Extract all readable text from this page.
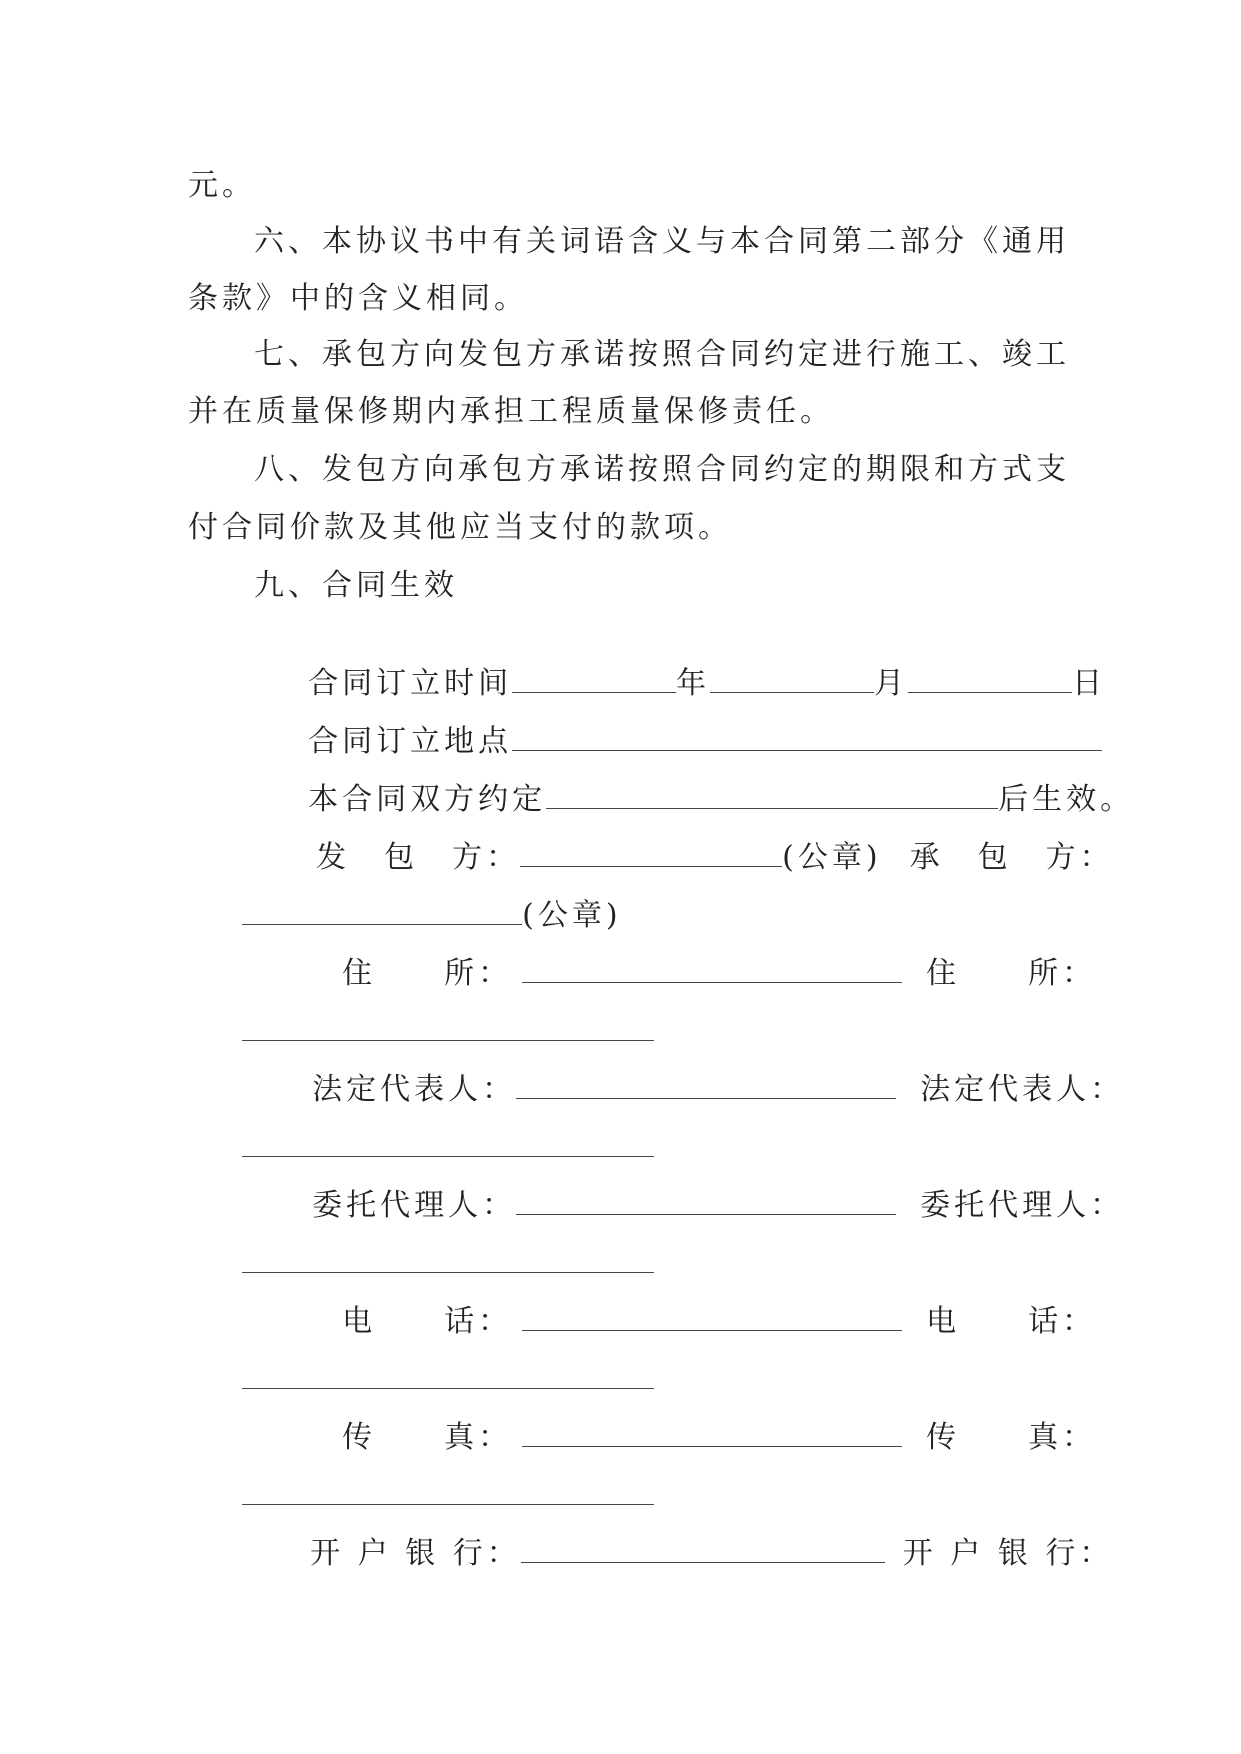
元。
六、本协议书中有关词语含义与本合同第二部分《通用
条款》中的含义相同。
七、承包方向发包方承诺按照合同约定进行施工、竣工
并在质量保修期内承担工程质量保修责任。
八、发包方向承包方承诺按照合同约定的期限和方式支
付合同价款及其他应当支付的款项。
九、合同生效

合同订立时间	年	月	日

合同订立地点

本合同双方约定	后生效。

发　包　方：	(公章) 承　包　方：

(公章)

住　　所：	住　　所：

法定代表人：	法定代表人：

委托代理人：	委托代理人：

电　　话：	电　　话：

传　　真：	传　　真：

开 户 银 行：	开 户 银 行：
